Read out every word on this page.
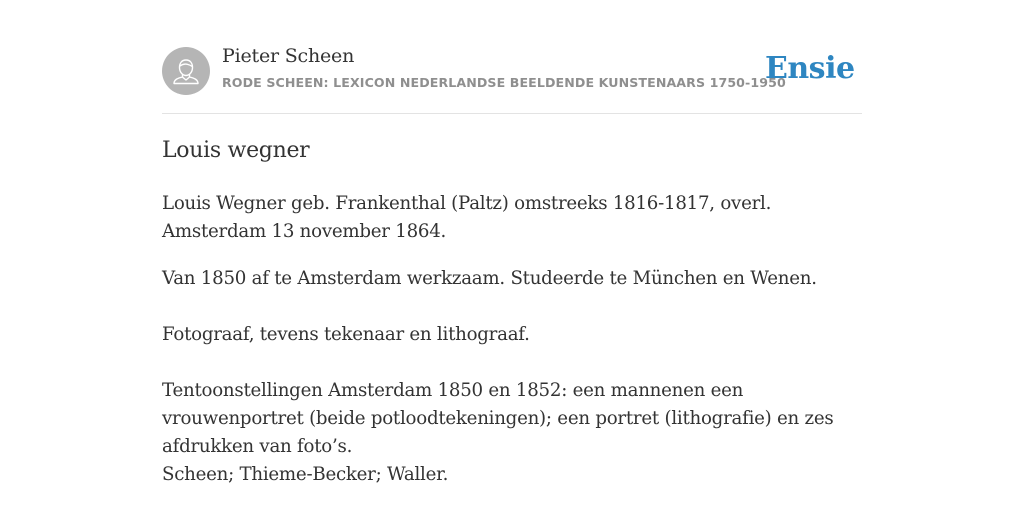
Pieter Scheen
RODE SCHEEN: LEXICON NEDERLANDSE BEELDENDE KUNSTENAARS 1750-1950
Ensie
Louis wegner

Louis Wegner geb. Frankenthal (Paltz) omstreeks 1816-1817, overl. Amsterdam 13 november 1864.

Van 1850 af te Amsterdam werkzaam. Studeerde te München en Wenen.

Fotograaf, tevens tekenaar en lithograaf.

Tentoonstellingen Amsterdam 1850 en 1852: een mannenen een vrouwenportret (beide potloodtekeningen); een portret (lithografie) en zes afdrukken van foto’s.

Scheen; Thieme-Becker; Waller.
